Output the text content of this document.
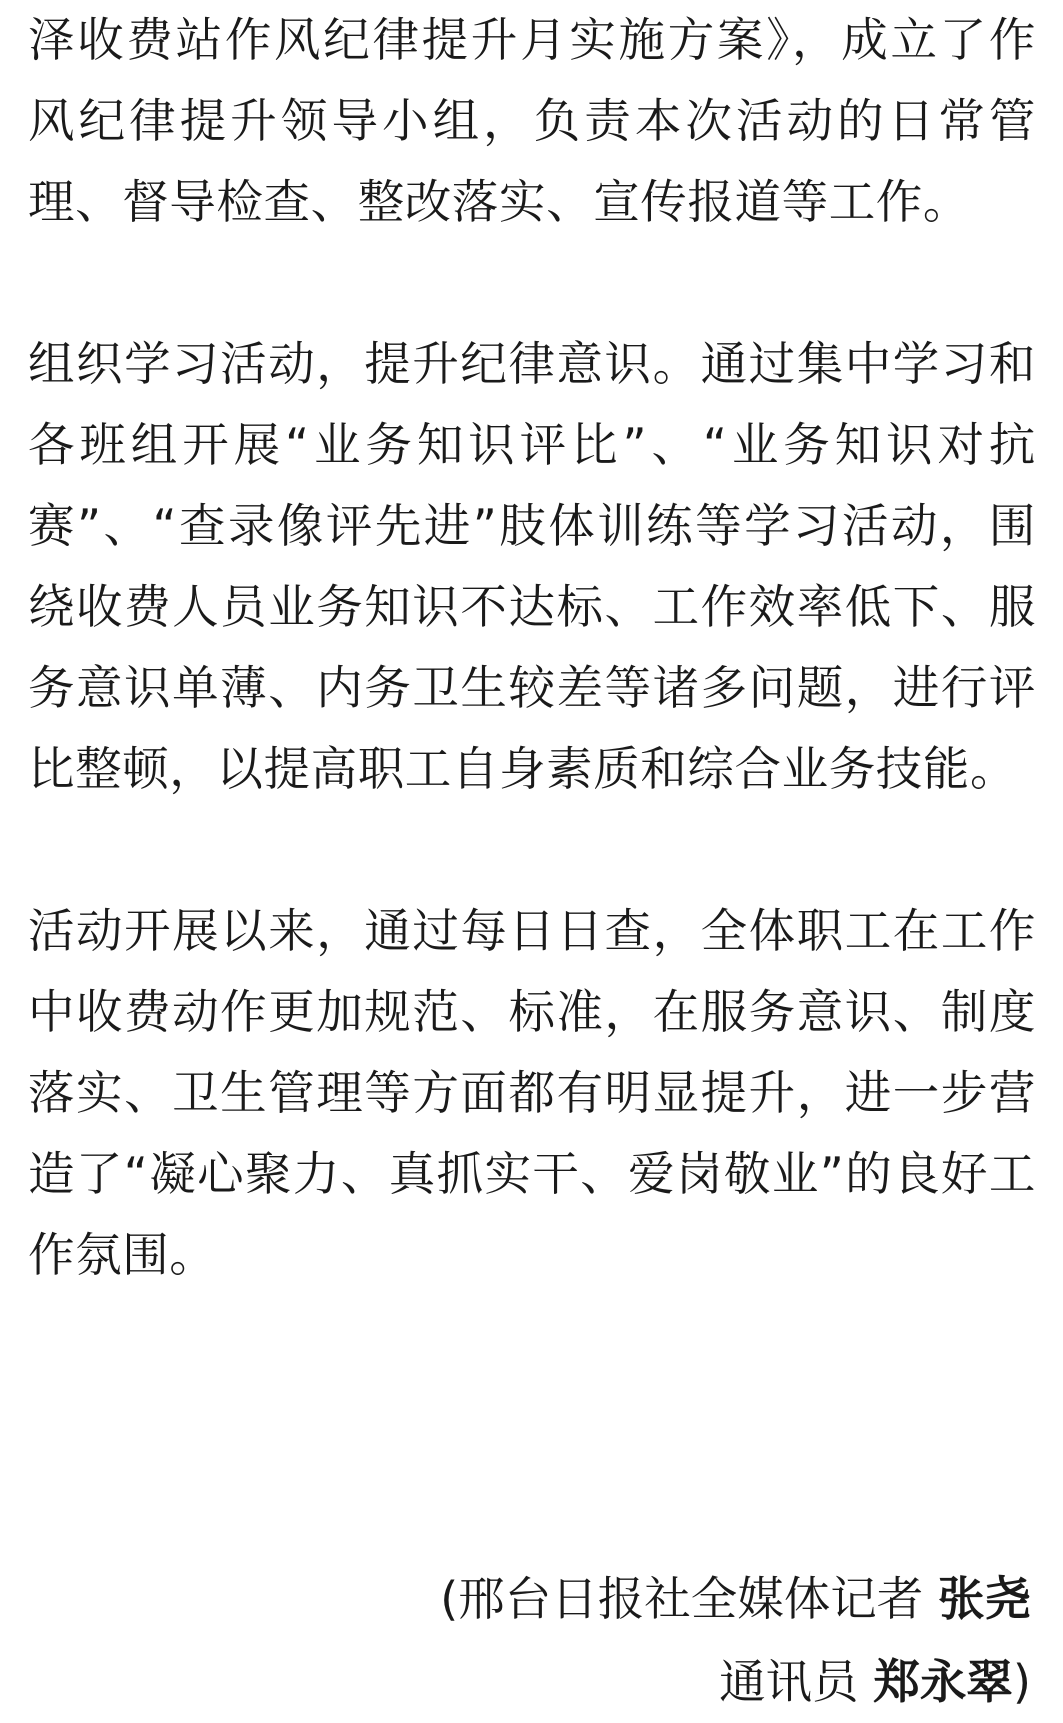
泽收费站作风纪律提升月实施方案》，成立了作风纪律提升领导小组，负责本次活动的日常管理、督导检查、整改落实、宣传报道等工作。

组织学习活动，提升纪律意识。通过集中学习和各班组开展“业务知识评比”、“业务知识对抗赛”、“查录像评先进”肢体训练等学习活动，围绕收费人员业务知识不达标、工作效率低下、服务意识单薄、内务卫生较差等诸多问题，进行评比整顿，以提高职工自身素质和综合业务技能。

活动开展以来，通过每日日查，全体职工在工作中收费动作更加规范、标准，在服务意识、制度落实、卫生管理等方面都有明显提升，进一步营造了“凝心聚力、真抓实干、爱岗敬业”的良好工作氛围。

(邢台日报社全媒体记者 张尧
通讯员 郑永翠)
